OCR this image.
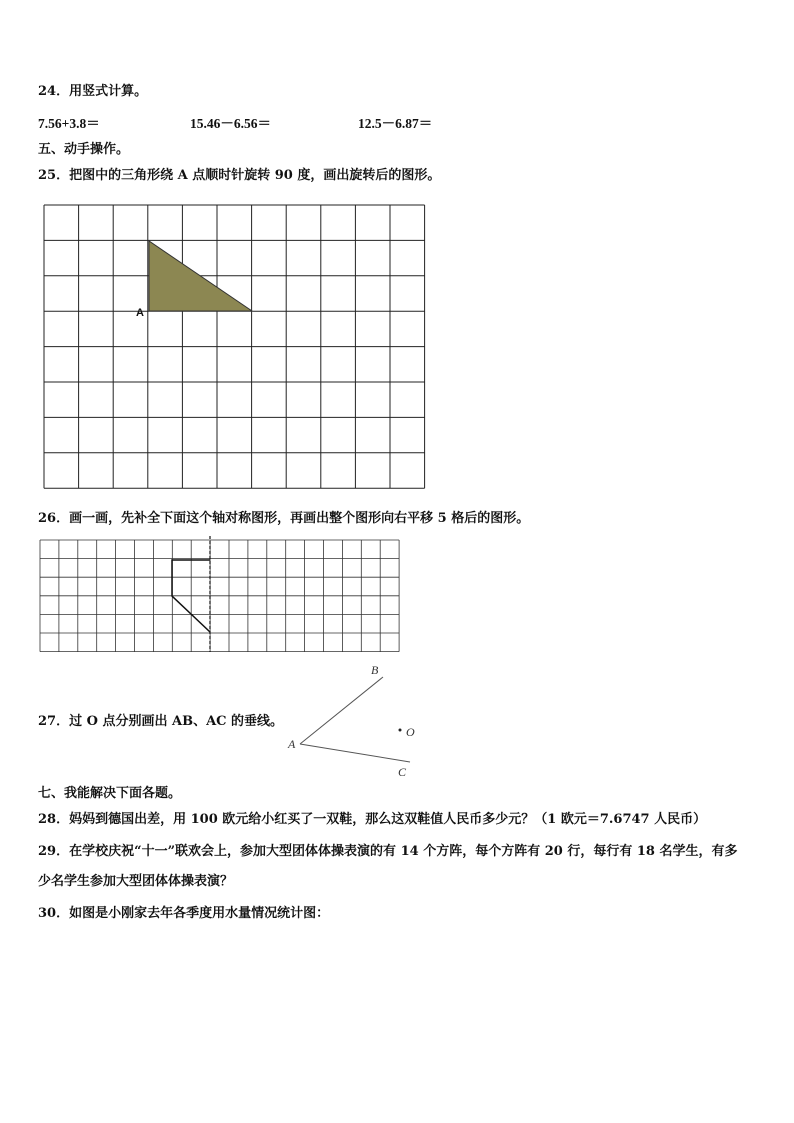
24．用竖式计算。
7.56+3.8＝	15.46－6.56＝	12.5－6.87＝
五、动手操作。
25．把图中的三角形绕 A 点顺时针旋转 90 度，画出旋转后的图形。
A
26．画一画，先补全下面这个轴对称图形，再画出整个图形向右平移 5 格后的图形。
27．过 O 点分别画出 AB、AC 的垂线。
A
B
C
O
七、我能解决下面各题。
28．妈妈到德国出差，用 100 欧元给小红买了一双鞋，那么这双鞋值人民币多少元？（1 欧元＝7.6747 人民币）
29．在学校庆祝“十一”联欢会上，参加大型团体体操表演的有 14 个方阵，每个方阵有 20 行，每行有 18 名学生，有多
少名学生参加大型团体体操表演？
30．如图是小刚家去年各季度用水量情况统计图：
